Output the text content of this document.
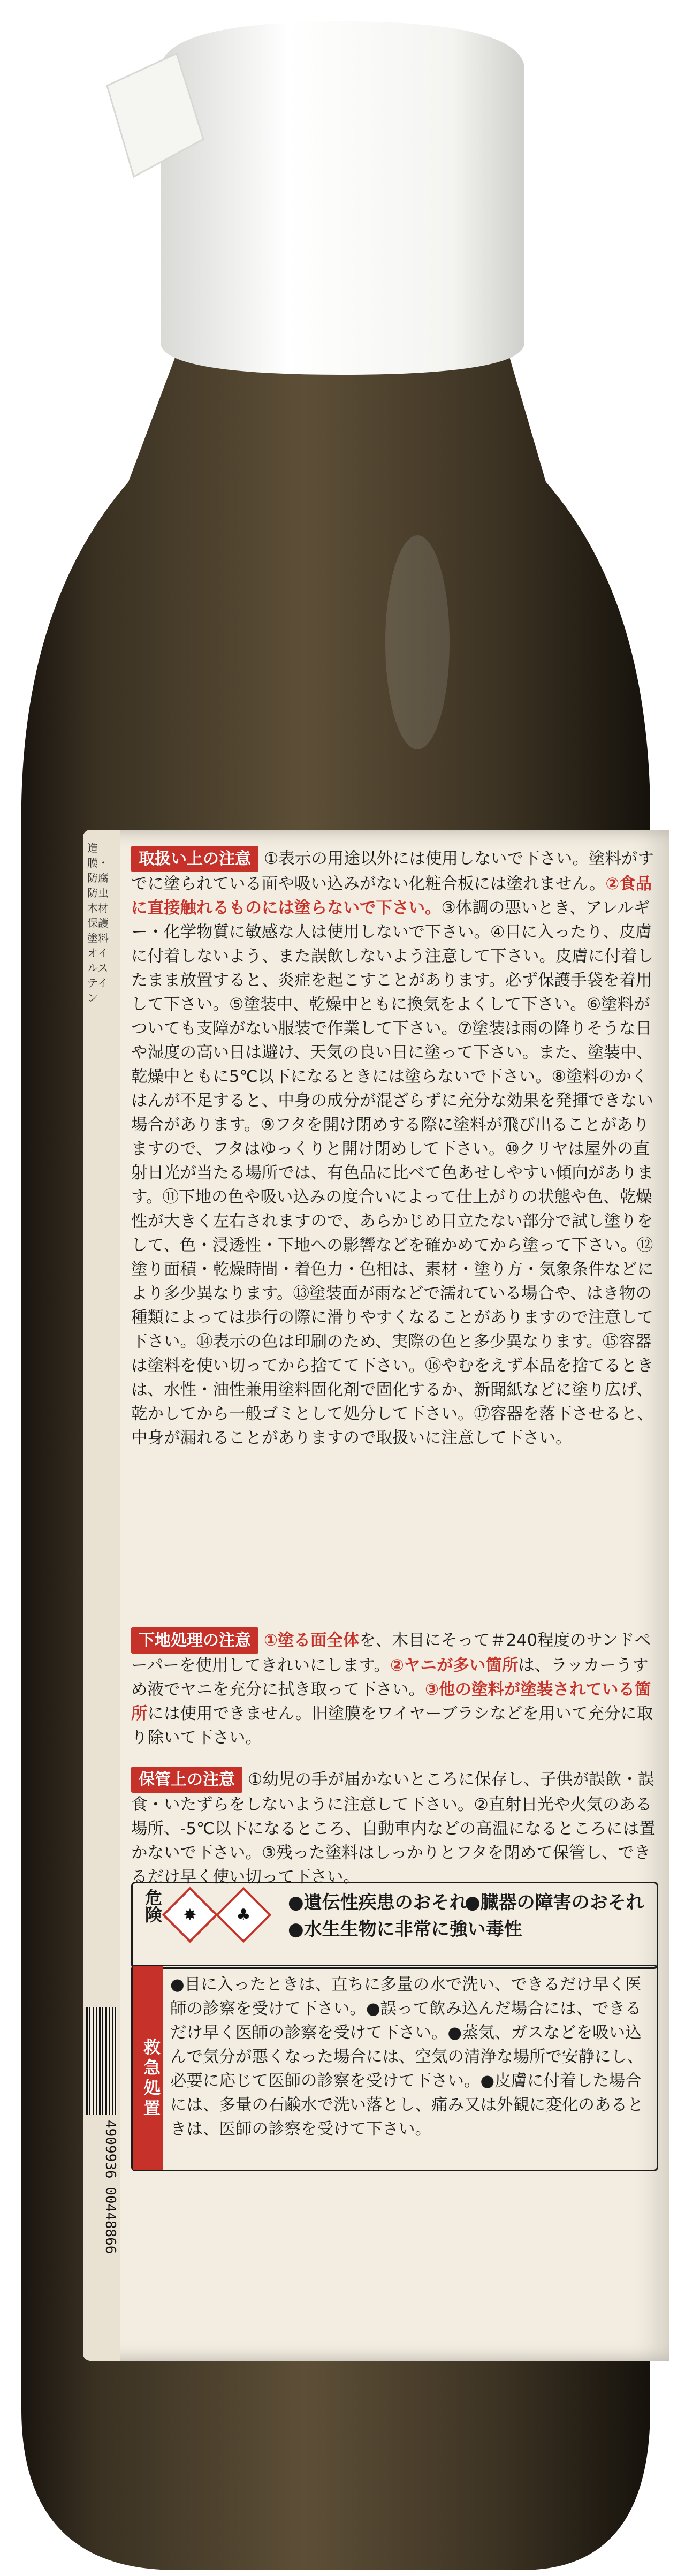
造膜・防腐防虫 木材保護塗料 オイルステイン
4909936 00448866
取扱い上の注意 ①表示の用途以外には使用しないで下さい。塗料がすでに塗られている面や吸い込みがない化粧合板には塗れません。②食品に直接触れるものには塗らないで下さい。③体調の悪いとき、アレルギー・化学物質に敏感な人は使用しないで下さい。④目に入ったり、皮膚に付着しないよう、また誤飲しないよう注意して下さい。皮膚に付着したまま放置すると、炎症を起こすことがあります。必ず保護手袋を着用して下さい。⑤塗装中、乾燥中ともに換気をよくして下さい。⑥塗料がついても支障がない服装で作業して下さい。⑦塗装は雨の降りそうな日や湿度の高い日は避け、天気の良い日に塗って下さい。また、塗装中、乾燥中ともに5℃以下になるときには塗らないで下さい。⑧塗料のかくはんが不足すると、中身の成分が混ざらずに充分な効果を発揮できない場合があります。⑨フタを開け閉めする際に塗料が飛び出ることがありますので、フタはゆっくりと開け閉めして下さい。⑩クリヤは屋外の直射日光が当たる場所では、有色品に比べて色あせしやすい傾向があります。⑪下地の色や吸い込みの度合いによって仕上がりの状態や色、乾燥性が大きく左右されますので、あらかじめ目立たない部分で試し塗りをして、色・浸透性・下地への影響などを確かめてから塗って下さい。⑫塗り面積・乾燥時間・着色力・色相は、素材・塗り方・気象条件などにより多少異なります。⑬塗装面が雨などで濡れている場合や、はき物の種類によっては歩行の際に滑りやすくなることがありますので注意して下さい。⑭表示の色は印刷のため、実際の色と多少異なります。⑮容器は塗料を使い切ってから捨てて下さい。⑯やむをえず本品を捨てるときは、水性・油性兼用塗料固化剤で固化するか、新聞紙などに塗り広げ、乾かしてから一般ゴミとして処分して下さい。⑰容器を落下させると、中身が漏れることがありますので取扱いに注意して下さい。
下地処理の注意 ①塗る面全体を、木目にそって＃240程度のサンドペーパーを使用してきれいにします。②ヤニが多い箇所は、ラッカーうすめ液でヤニを充分に拭き取って下さい。③他の塗料が塗装されている箇所には使用できません。旧塗膜をワイヤーブラシなどを用いて充分に取り除いて下さい。
保管上の注意 ①幼児の手が届かないところに保存し、子供が誤飲・誤食・いたずらをしないように注意して下さい。②直射日光や火気のある場所、-5℃以下になるところ、自動車内などの高温になるところには置かないで下さい。③残った塗料はしっかりとフタを閉めて保管し、できるだけ早く使い切って下さい。
危険	✸	♣
●遺伝性疾患のおそれ
●臓器の障害のおそれ
●水生生物に非常に強い毒性
救急処置
●目に入ったときは、直ちに多量の水で洗い、できるだけ早く医師の診察を受けて下さい。●誤って飲み込んだ場合には、できるだけ早く医師の診察を受けて下さい。●蒸気、ガスなどを吸い込んで気分が悪くなった場合には、空気の清浄な場所で安静にし、必要に応じて医師の診察を受けて下さい。●皮膚に付着した場合には、多量の石鹸水で洗い落とし、痛み又は外観に変化のあるときは、医師の診察を受けて下さい。
